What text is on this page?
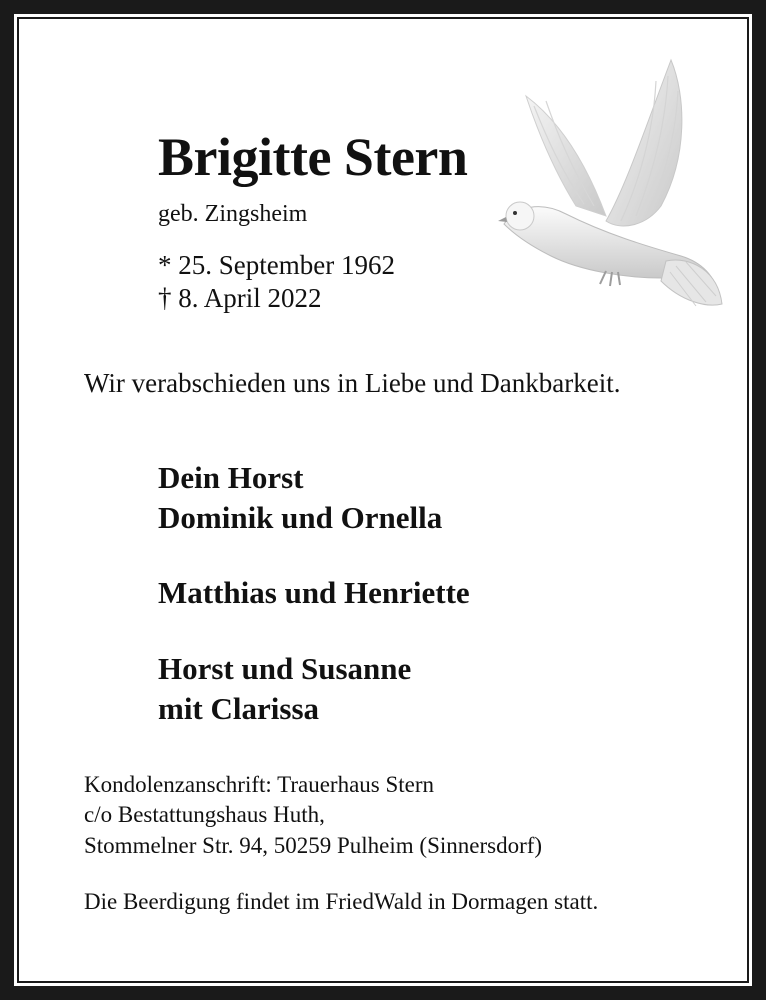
Brigitte Stern
geb. Zingsheim
* 25. September 1962
† 8. April 2022
Wir verabschieden uns in Liebe und Dankbarkeit.
Dein Horst
Dominik und Ornella
Matthias und Henriette
Horst und Susanne
mit Clarissa
Kondolenzanschrift: Trauerhaus Stern
c/o Bestattungshaus Huth,
Stommelner Str. 94, 50259 Pulheim (Sinnersdorf)
Die Beerdigung findet im FriedWald in Dormagen statt.
